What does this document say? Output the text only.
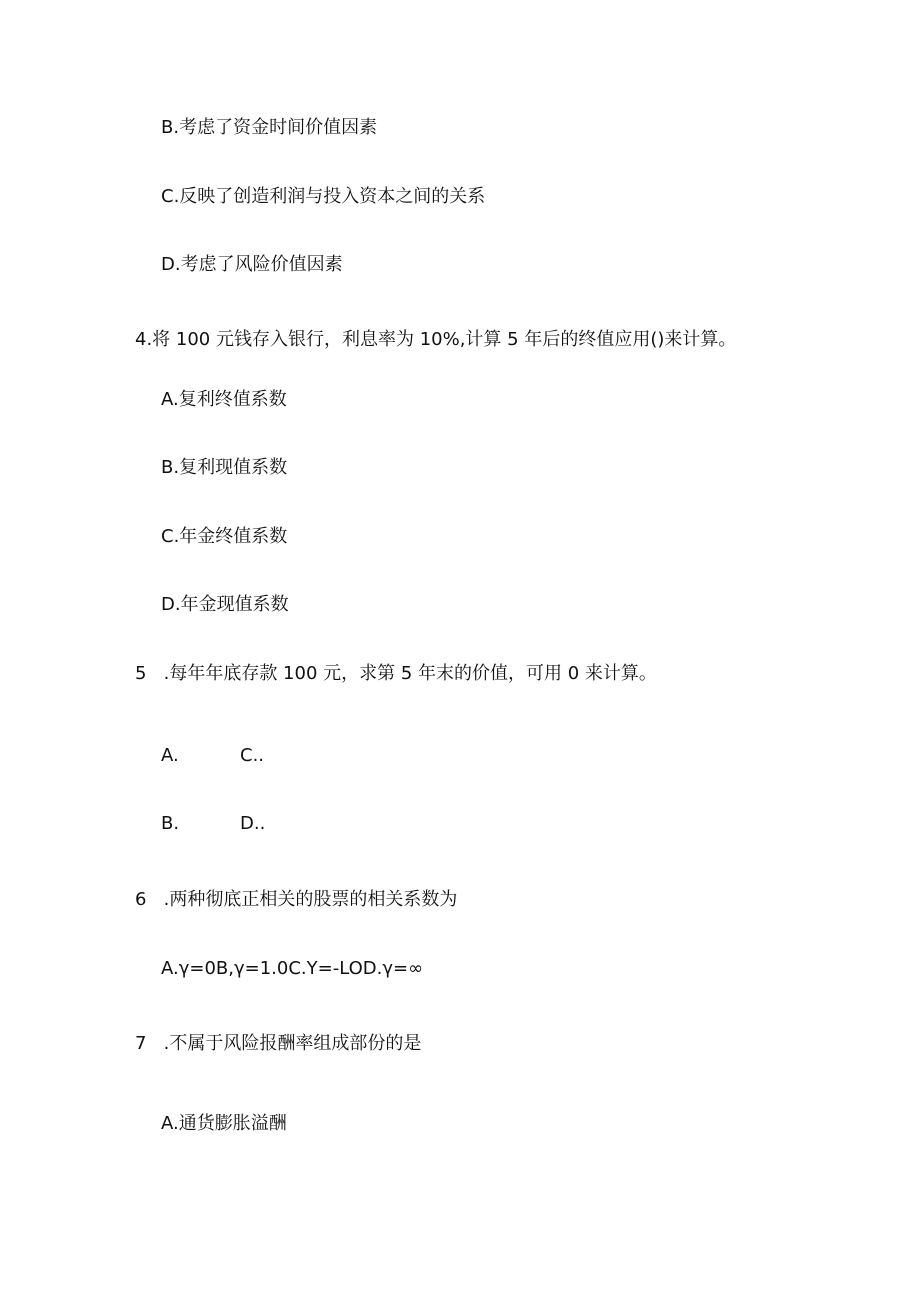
B.考虑了资金时间价值因素
C.反映了创造利润与投入资本之间的关系
D.考虑了风险价值因素
4.将 100 元钱存入银行，利息率为 10%,计算 5 年后的终值应用()来计算。
A.复利终值系数
B.复利现值系数
C.年金终值系数
D.年金现值系数
5   .每年年底存款 100 元，求第 5 年末的价值，可用 0 来计算。
A.	C..
B.	D..
6   .两种彻底正相关的股票的相关系数为
A.γ=0B,γ=1.0C.Y=-LOD.γ=∞
7   .不属于风险报酬率组成部份的是
A.通货膨胀溢酬
